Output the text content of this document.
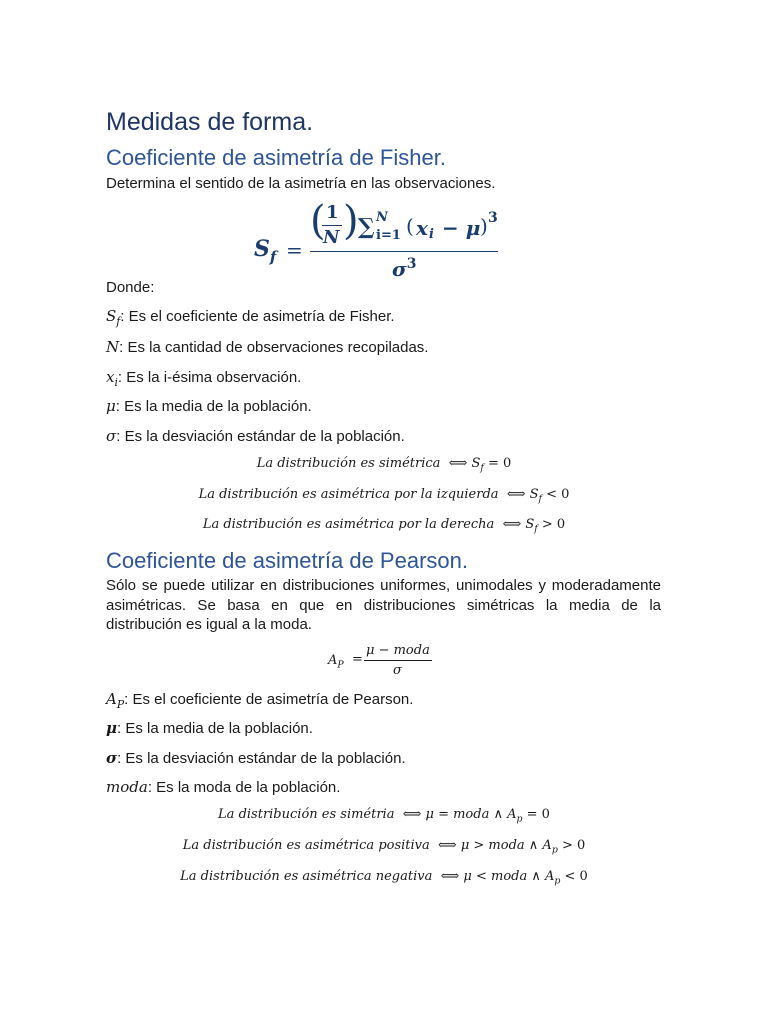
Medidas de forma.
Coeficiente de asimetría de Fisher.
Determina el sentido de la asimetría en las observaciones.
$S_f$ =
( 1
N ) ∑ i=1
N ( x i − μ ) 3
$\sigma^3$
Donde:
$S_f$: Es el coeficiente de asimetría de Fisher.
N: Es la cantidad de observaciones recopiladas.
$x_i$: Es la i-ésima observación.
μ: Es la media de la población.
σ: Es la desviación estándar de la población.
La distribución es simétrica ⟺ $S_f = 0$
La distribución es asimétrica por la izquierda ⟺ $S_f < 0$
La distribución es asimétrica por la derecha ⟺ $S_f > 0$
Coeficiente de asimetría de Pearson.
Sólo se puede utilizar en distribuciones uniformes, unimodales y moderadamente asimétricas. Se basa en que en distribuciones simétricas la media de la distribución es igual a la moda.
$A_P$ =
μ − moda
σ
$A_P$: Es el coeficiente de asimetría de Pearson.
μ: Es la media de la población.
σ: Es la desviación estándar de la población.
moda: Es la moda de la población.
La distribución es simétria ⟺ μ = moda ∧ $A_p = 0$
La distribución es asimétrica positiva ⟺ μ > moda ∧ $A_p > 0$
La distribución es asimétrica negativa ⟺ μ < moda ∧ $A_p < 0$
